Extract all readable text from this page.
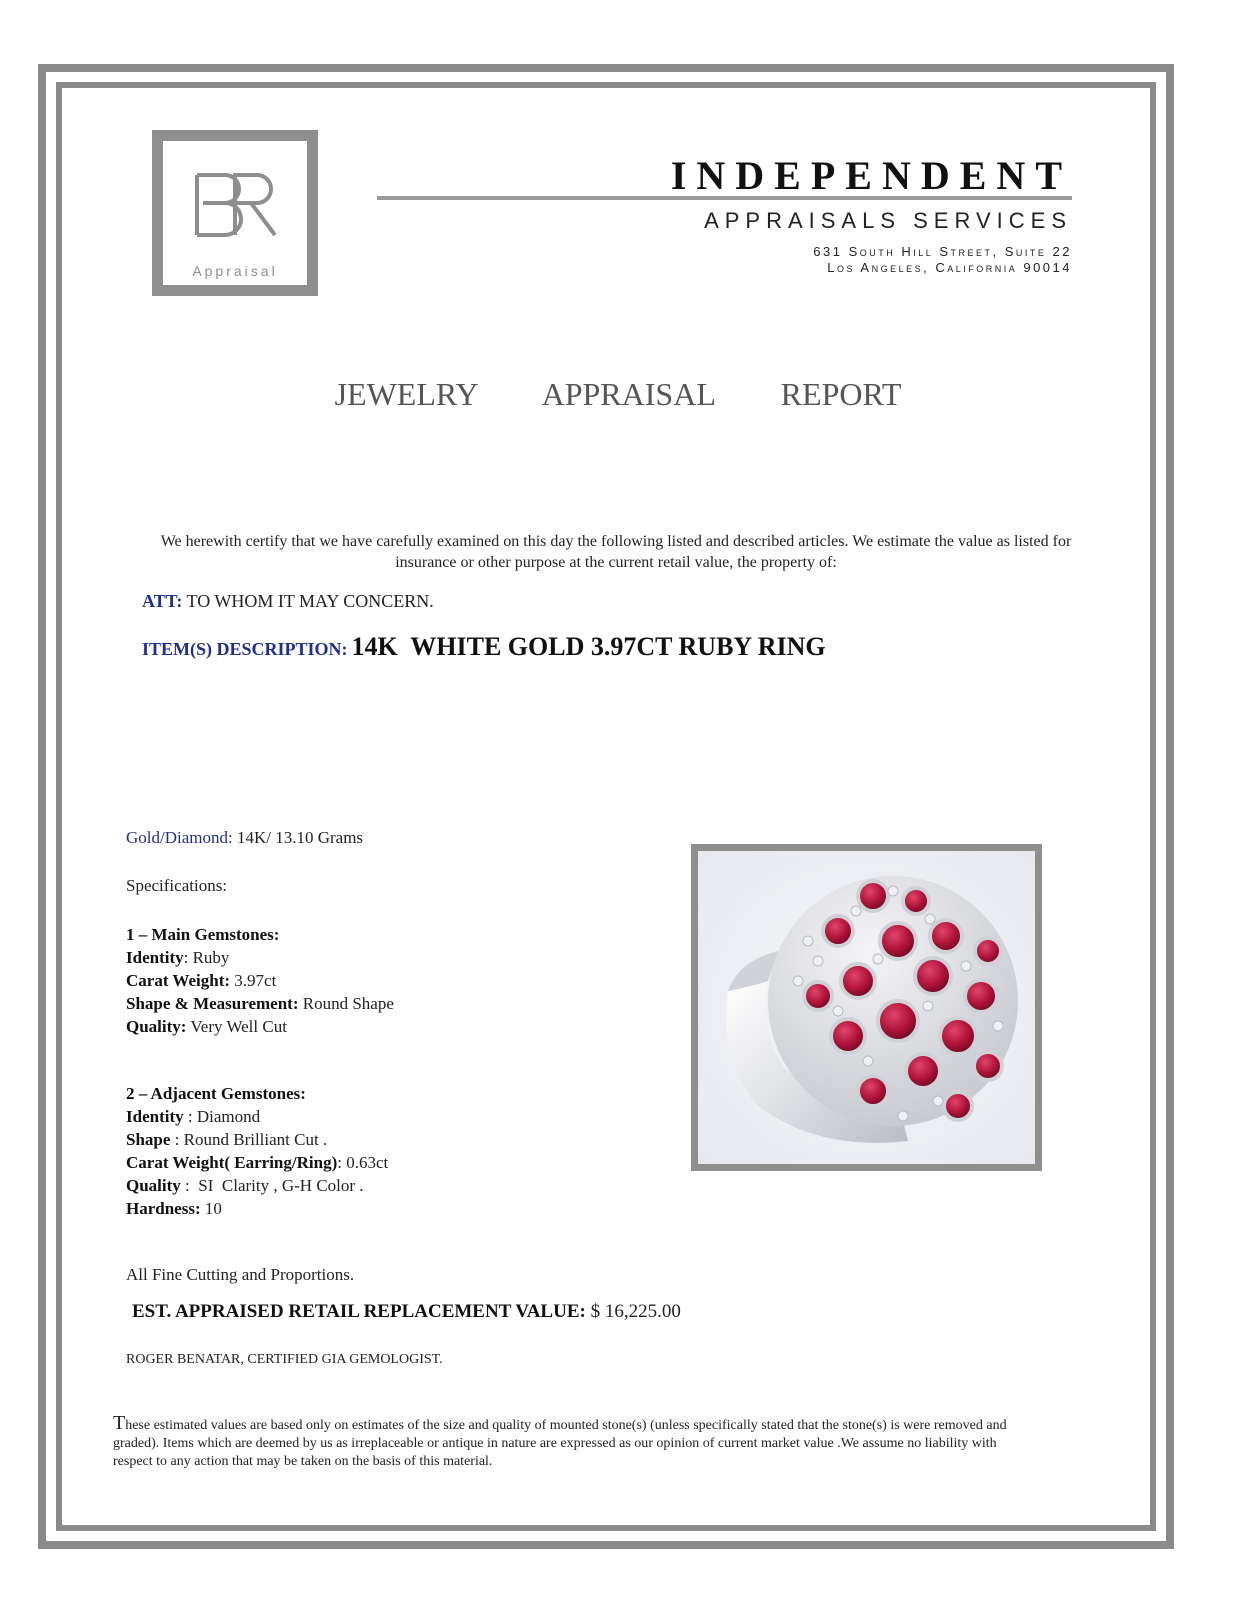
Appraisal
INDEPENDENT
APPRAISALS SERVICES
631 South Hill Street, Suite 22
Los Angeles, California 90014
JEWELRY   APPRAISAL   REPORT
We herewith certify that we have carefully examined on this day the following listed and described articles. We estimate the value as listed for insurance or other purpose at the current retail value, the property of:
ATT: TO WHOM IT MAY CONCERN.
ITEM(S) DESCRIPTION: 14K  WHITE GOLD 3.97CT RUBY RING
Gold/Diamond: 14K/ 13.10 Grams
Specifications:
1 – Main Gemstones:
Identity: Ruby
Carat Weight: 3.97ct
Shape & Measurement: Round Shape
Quality: Very Well Cut
2 – Adjacent Gemstones:
Identity : Diamond
Shape : Round Brilliant Cut .
Carat Weight( Earring/Ring): 0.63ct
Quality :  SI  Clarity , G-H Color .
Hardness: 10
All Fine Cutting and Proportions.
EST. APPRAISED RETAIL REPLACEMENT VALUE: $ 16,225.00
ROGER BENATAR, CERTIFIED GIA GEMOLOGIST.
These estimated values are based only on estimates of the size and quality of mounted stone(s) (unless specifically stated that the stone(s) is were removed and graded). Items which are deemed by us as irreplaceable or antique in nature are expressed as our opinion of current market value .We assume no liability with respect to any action that may be taken on the basis of this material.
